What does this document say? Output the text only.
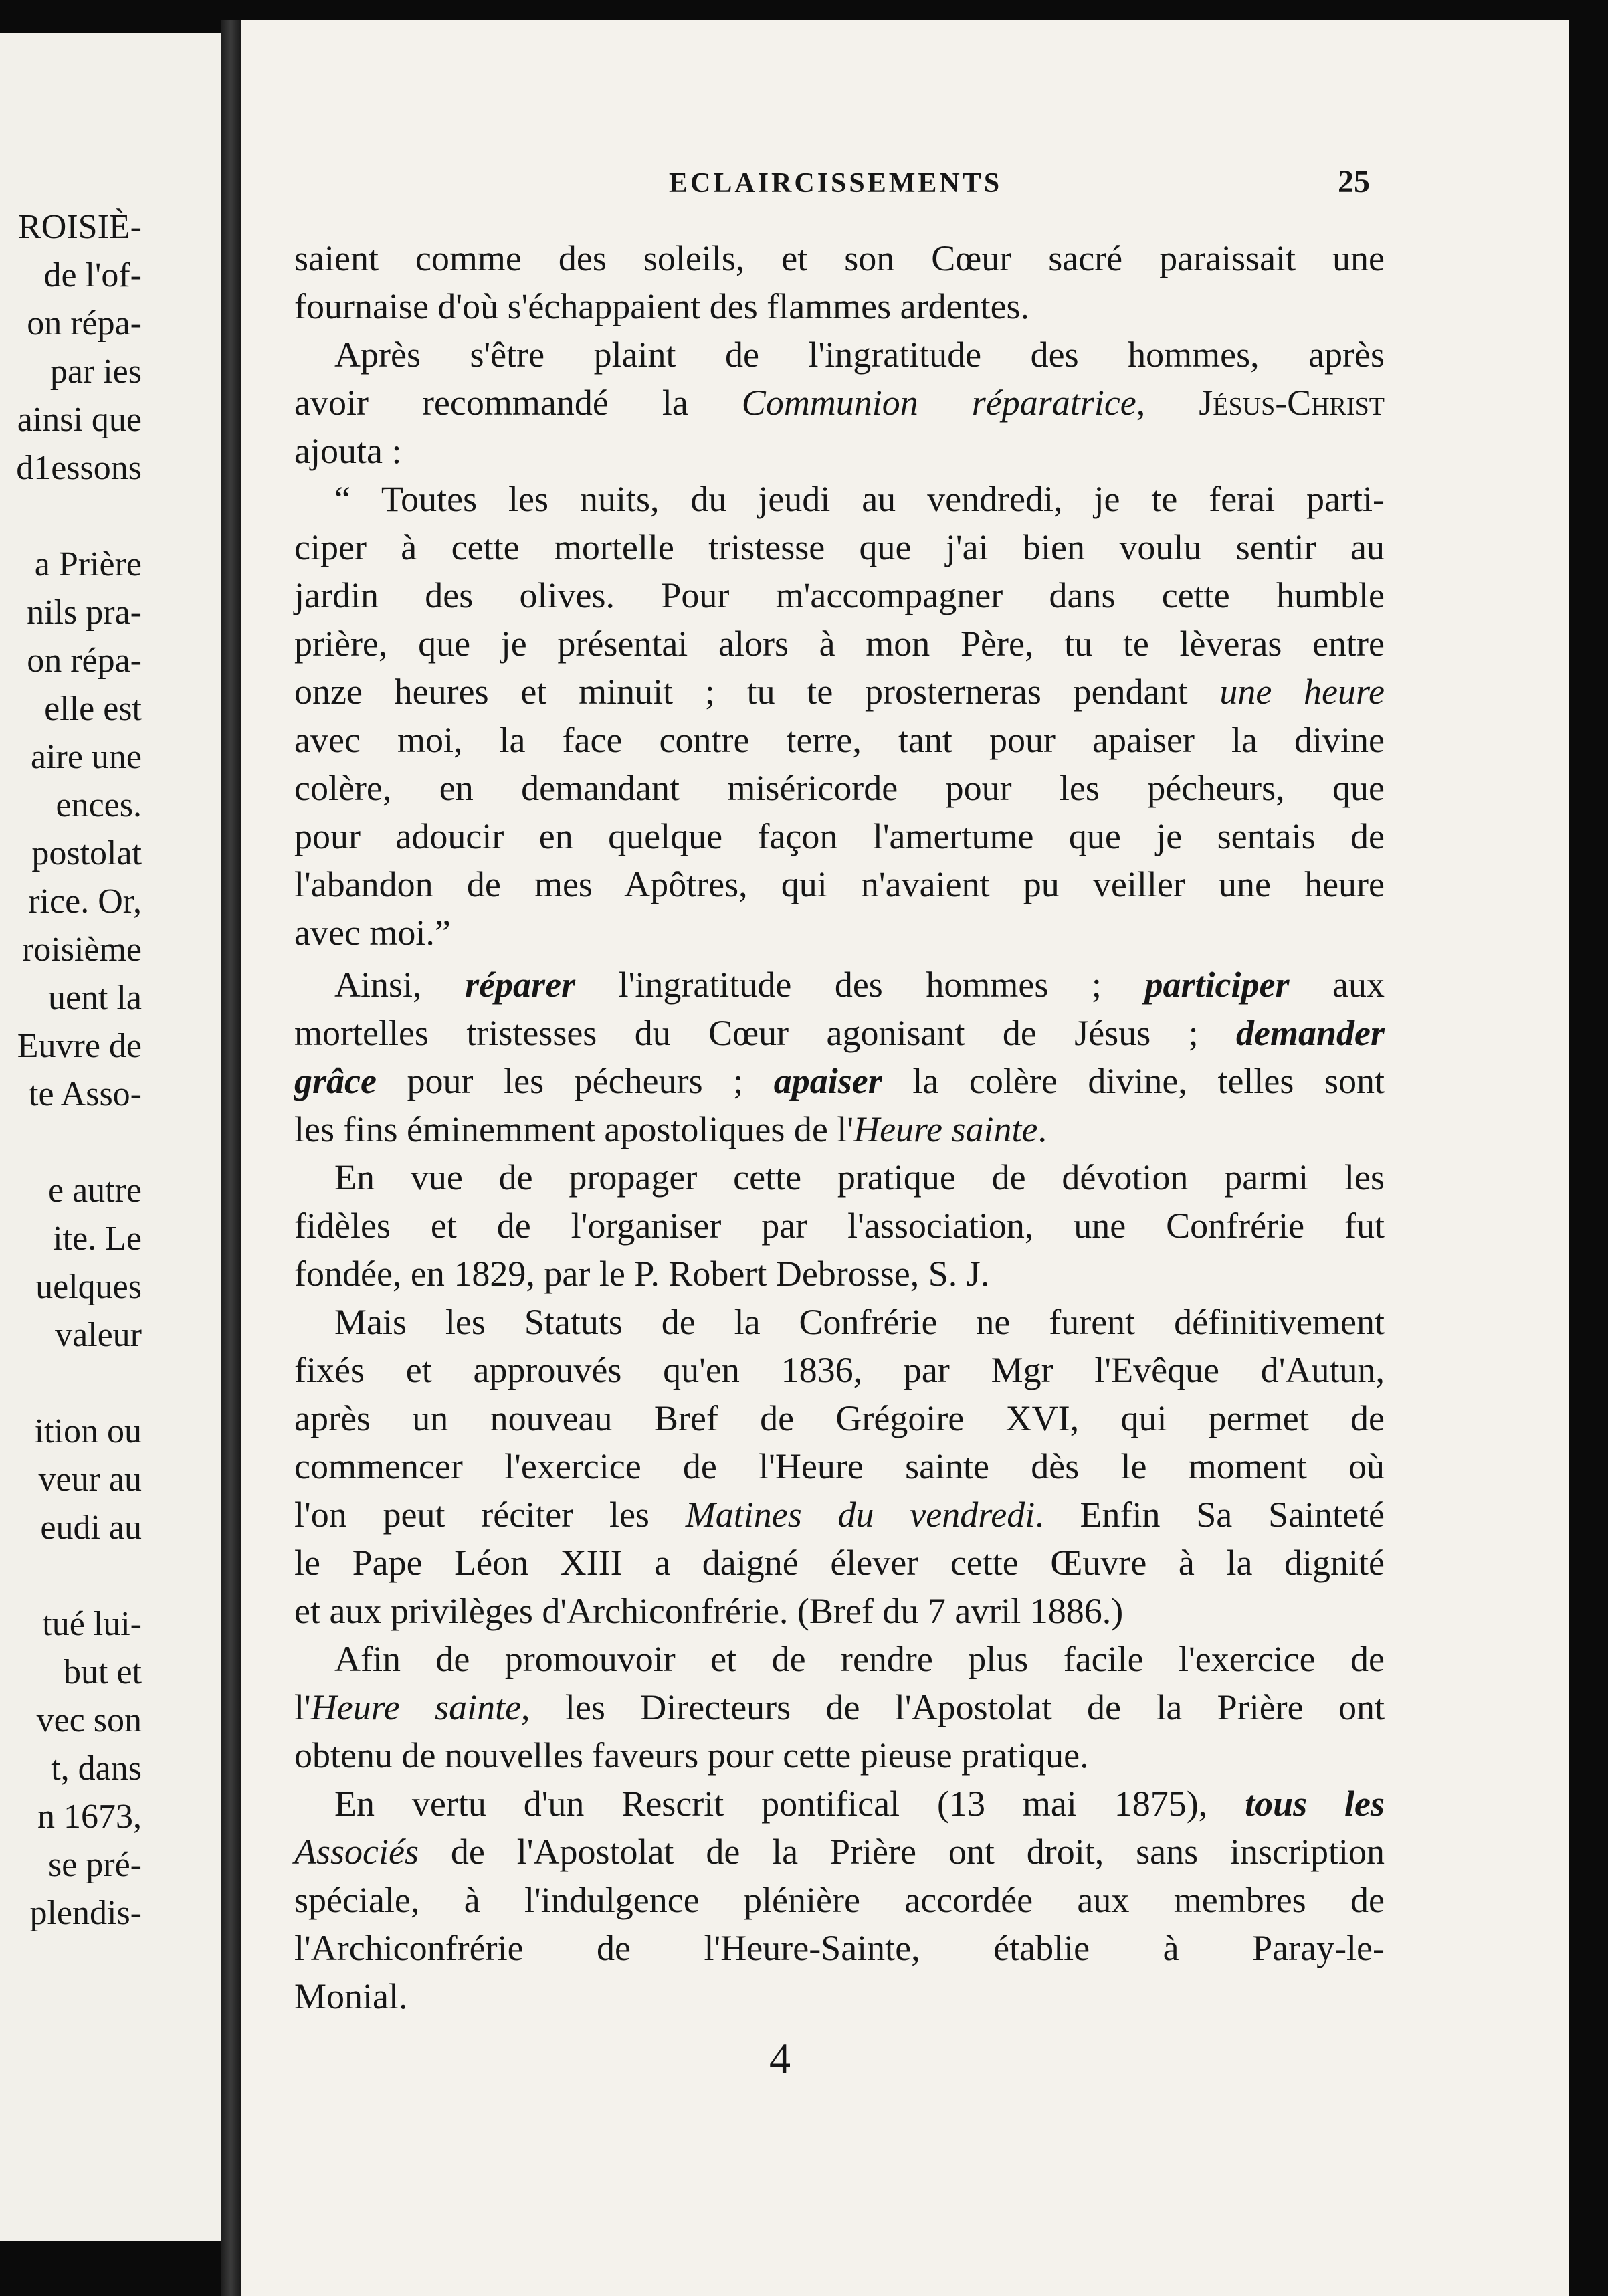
ROISIÈ-
de l'of-
on répa-
par ies
ainsi que
d1essons
a Prière
nils pra-
on répa-
elle est
aire une
ences.
postolat
rice. Or,
roisième
uent la
Euvre de
te Asso-
e autre
ite. Le
uelques
valeur
ition ou
veur au
eudi au
tué lui-
but et
vec son
t, dans
n 1673,
se pré-
plendis-
ECLAIRCISSEMENTS	25
saient comme des soleils, et son Cœur sacré paraissait une
fournaise d'où s'échappaient des flammes ardentes.
Après s'être plaint de l'ingratitude des hommes, après
avoir recommandé la Communion réparatrice, Jésus-Christ
ajouta :
“ Toutes les nuits, du jeudi au vendredi, je te ferai parti-
ciper à cette mortelle tristesse que j'ai bien voulu sentir au
jardin des olives. Pour m'accompagner dans cette humble
prière, que je présentai alors à mon Père, tu te lèveras entre
onze heures et minuit ; tu te prosterneras pendant une heure
avec moi, la face contre terre, tant pour apaiser la divine
colère, en demandant miséricorde pour les pécheurs, que
pour adoucir en quelque façon l'amertume que je sentais de
l'abandon de mes Apôtres, qui n'avaient pu veiller une heure
avec moi.”
Ainsi, réparer l'ingratitude des hommes ; participer aux
mortelles tristesses du Cœur agonisant de Jésus ; demander
grâce pour les pécheurs ; apaiser la colère divine, telles sont
les fins éminemment apostoliques de l'Heure sainte.
En vue de propager cette pratique de dévotion parmi les
fidèles et de l'organiser par l'association, une Confrérie fut
fondée, en 1829, par le P. Robert Debrosse, S. J.
Mais les Statuts de la Confrérie ne furent définitivement
fixés et approuvés qu'en 1836, par Mgr l'Evêque d'Autun,
après un nouveau Bref de Grégoire XVI, qui permet de
commencer l'exercice de l'Heure sainte dès le moment où
l'on peut réciter les Matines du vendredi. Enfin Sa Sainteté
le Pape Léon XIII a daigné élever cette Œuvre à la dignité
et aux privilèges d'Archiconfrérie. (Bref du 7 avril 1886.)
Afin de promouvoir et de rendre plus facile l'exercice de
l'Heure sainte, les Directeurs de l'Apostolat de la Prière ont
obtenu de nouvelles faveurs pour cette pieuse pratique.
En vertu d'un Rescrit pontifical (13 mai 1875), tous les
Associés de l'Apostolat de la Prière ont droit, sans inscription
spéciale, à l'indulgence plénière accordée aux membres de
l'Archiconfrérie de l'Heure-Sainte, établie à Paray-le-
Monial.
4
